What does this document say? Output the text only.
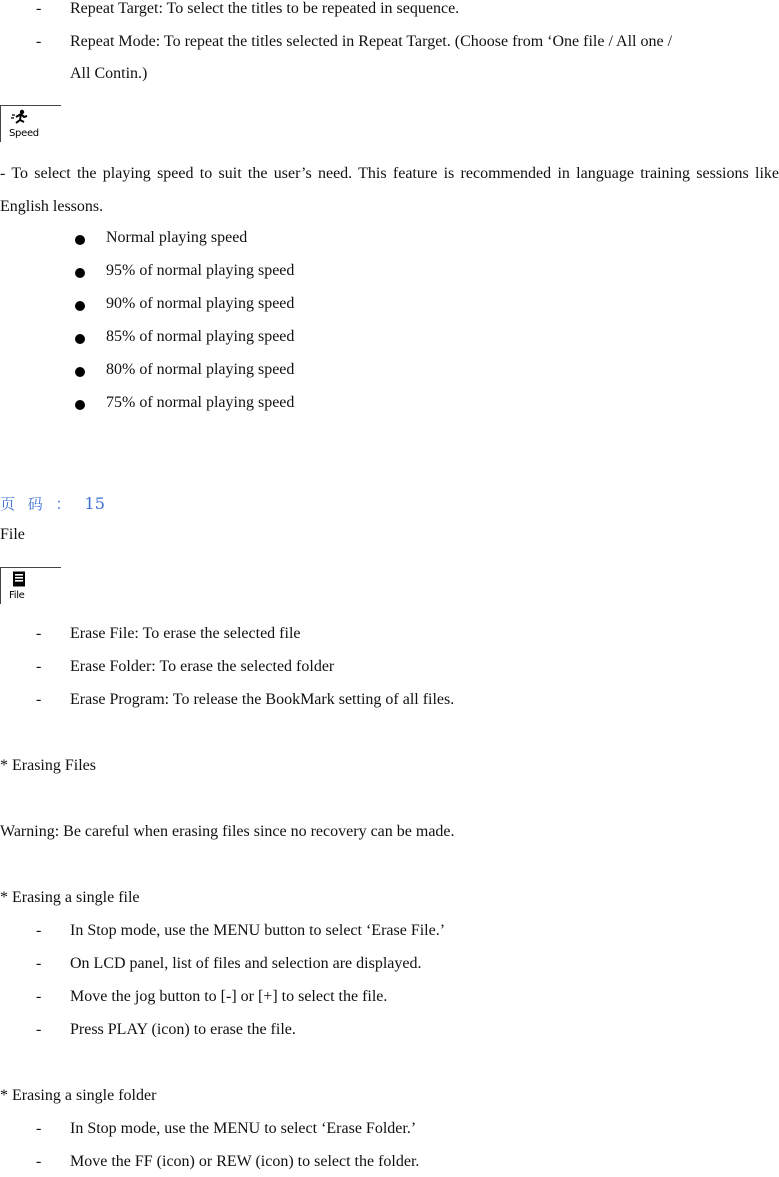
- Repeat Target: To select the titles to be repeated in sequence.
- Repeat Mode: To repeat the titles selected in Repeat Target. (Choose from ‘One file / All one /
All Contin.)
Speed
- To select the playing speed to suit the user’s need. This feature is recommended in language training sessions like English lessons.
Normal playing speed
95% of normal playing speed
90% of normal playing speed
85% of normal playing speed
80% of normal playing speed
75% of normal playing speed
页 码 ： 15
File
File
- Erase File: To erase the selected file
- Erase Folder: To erase the selected folder
- Erase Program: To release the BookMark setting of all files.
* Erasing Files
Warning: Be careful when erasing files since no recovery can be made.
* Erasing a single file
- In Stop mode, use the MENU button to select ‘Erase File.’
- On LCD panel, list of files and selection are displayed.
- Move the jog button to [-] or [+] to select the file.
- Press PLAY (icon) to erase the file.
* Erasing a single folder
- In Stop mode, use the MENU to select ‘Erase Folder.’
- Move the FF (icon) or REW (icon) to select the folder.
